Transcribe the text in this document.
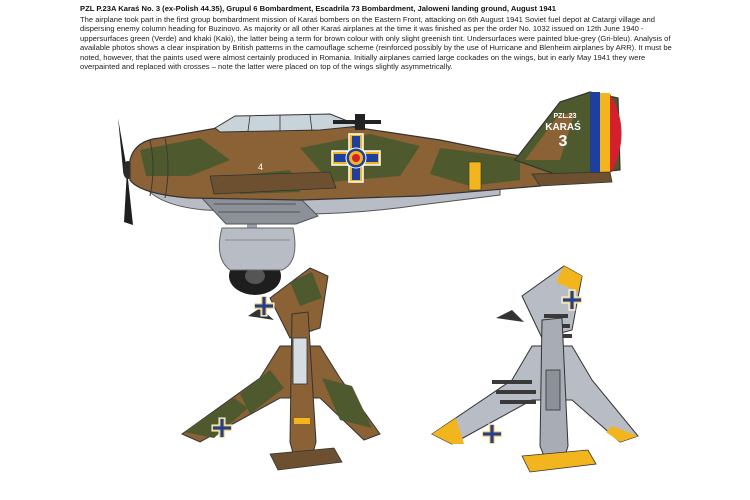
PZL P.23A Karaś No. 3 (ex-Polish 44.35), Grupul 6 Bombardment, Escadrila 73 Bombardment, Jaloweni landing ground, August 1941
The airplane took part in the first group bombardment mission of Karaś bombers on the Eastern Front, attacking on 6th August 1941 Soviet fuel depot at Catargi village and dispersing enemy column heading for Buzinovo. As majority or all other Karaś airplanes at the time it was finished as per the order No. 1032 issued on 12th June 1940 - uppersurfaces green (Verde) and khaki (Kaki), the latter being a term for brown colour with only slight greenish tint. Undersurfaces were painted blue-grey (Gri-bleu). Analysis of available photos shows a clear inspiration by British patterns in the camouflage scheme (reinforced possibly by the use of Hurricane and Blenheim airplanes by ARR). It must be noted, however, that the paints used were almost certainly produced in Romania. Initially airplanes carried large cockades on the wings, but in early May 1941 they were overpainted and replaced with crosses – note the latter were placed on top of the wings slightly asymmetrically.
PZL.23
KARAŚ
3
4
